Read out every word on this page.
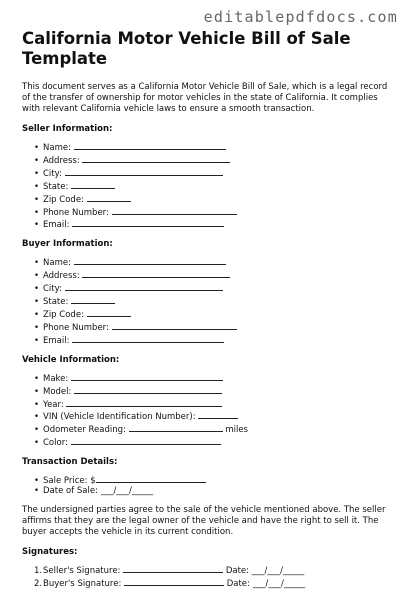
editablepdfdocs.com
California Motor Vehicle Bill of Sale Template

This document serves as a California Motor Vehicle Bill of Sale, which is a legal record of the transfer of ownership for motor vehicles in the state of California. It complies with relevant California vehicle laws to ensure a smooth transaction.

Seller Information:
• Name:
• Address:
• City:
• State:
• Zip Code:
• Phone Number:
• Email:
Buyer Information:
• Name:
• Address:
• City:
• State:
• Zip Code:
• Phone Number:
• Email:
Vehicle Information:
• Make:
• Model:
• Year:
• VIN (Vehicle Identification Number):
• Odometer Reading:	miles
• Color:
Transaction Details:
• Sale Price: $
• Date of Sale: ___/___/_____

The undersigned parties agree to the sale of the vehicle mentioned above. The seller affirms that they are the legal owner of the vehicle and have the right to sell it. The buyer accepts the vehicle in its current condition.

Signatures:
1.Seller's Signature:	Date: ___/___/_____
2.Buyer's Signature:	Date: ___/___/_____
